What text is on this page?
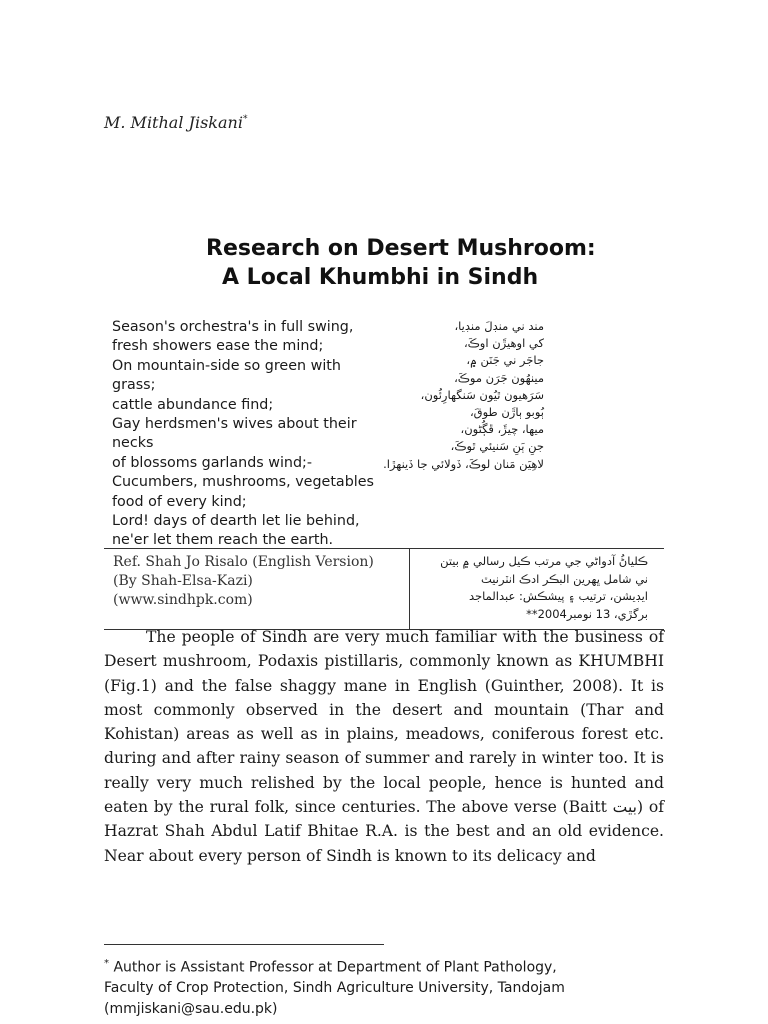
M. Mithal Jiskani*
Research on Desert Mushroom:
A Local Khumbhi in Sindh
Season's orchestra's in full swing,
fresh showers ease the mind;
On mountain-side so green with
grass;
cattle abundance find;
Gay herdsmen's wives about their
necks
of blossoms garlands wind;-
Cucumbers, mushrooms, vegetables
food of every kind;
Lord! days of dearth let lie behind,
ne'er let them reach the earth.
مند ني منڊلَ منڊيا،
کي اوھيڙَن اوڪَ،
جاجَر ني جَنَن ۾،
مينھُون جَرَن موڪَ،
سَرَھيون ٿيُون سَنگھارِئُون،
ٻُوبو ٻاڙَن طوقَ،
ميھا، چيڙَ، ڦڳُڻون،
جنِ ٻَنِ سَنيئي ٿوڪَ،
لاھِيَن مَنان لوڪَ، ڏولائي جا ڏينھڙا.
Ref. Shah Jo Risalo (English Version)
(By Shah-Elsa-Kazi)
(www.sindhpk.com)
ڪلياڻُ آدواڻي جي مرتب ڪيل رسالي ۾ بيتن
ني شامل ڀھرين البڪر ادڪ انٽرنيٽ
ايڊيشن، ترتيب ۽ پيشڪش: عبدالماجد
برگڙي، 13 نومبر2004**

The people of Sindh are very much familiar with the business of Desert mushroom, Podaxis pistillaris, commonly known as KHUMBHI (Fig.1) and the false shaggy mane in English (Guinther, 2008). It is most commonly observed in the desert and mountain (Thar and Kohistan) areas as well as in plains, meadows, coniferous forest etc. during and after rainy season of summer and rarely in winter too. It is really very much relished by the local people, hence is hunted and eaten by the rural folk, since centuries. The above verse (Baitt بيت) of Hazrat Shah Abdul Latif Bhitae R.A. is the best and an old evidence. Near about every person of Sindh is known to its delicacy and

* Author is Assistant Professor at Department of Plant Pathology,
Faculty of Crop Protection, Sindh Agriculture University, Tandojam
(mmjiskani@sau.edu.pk)
